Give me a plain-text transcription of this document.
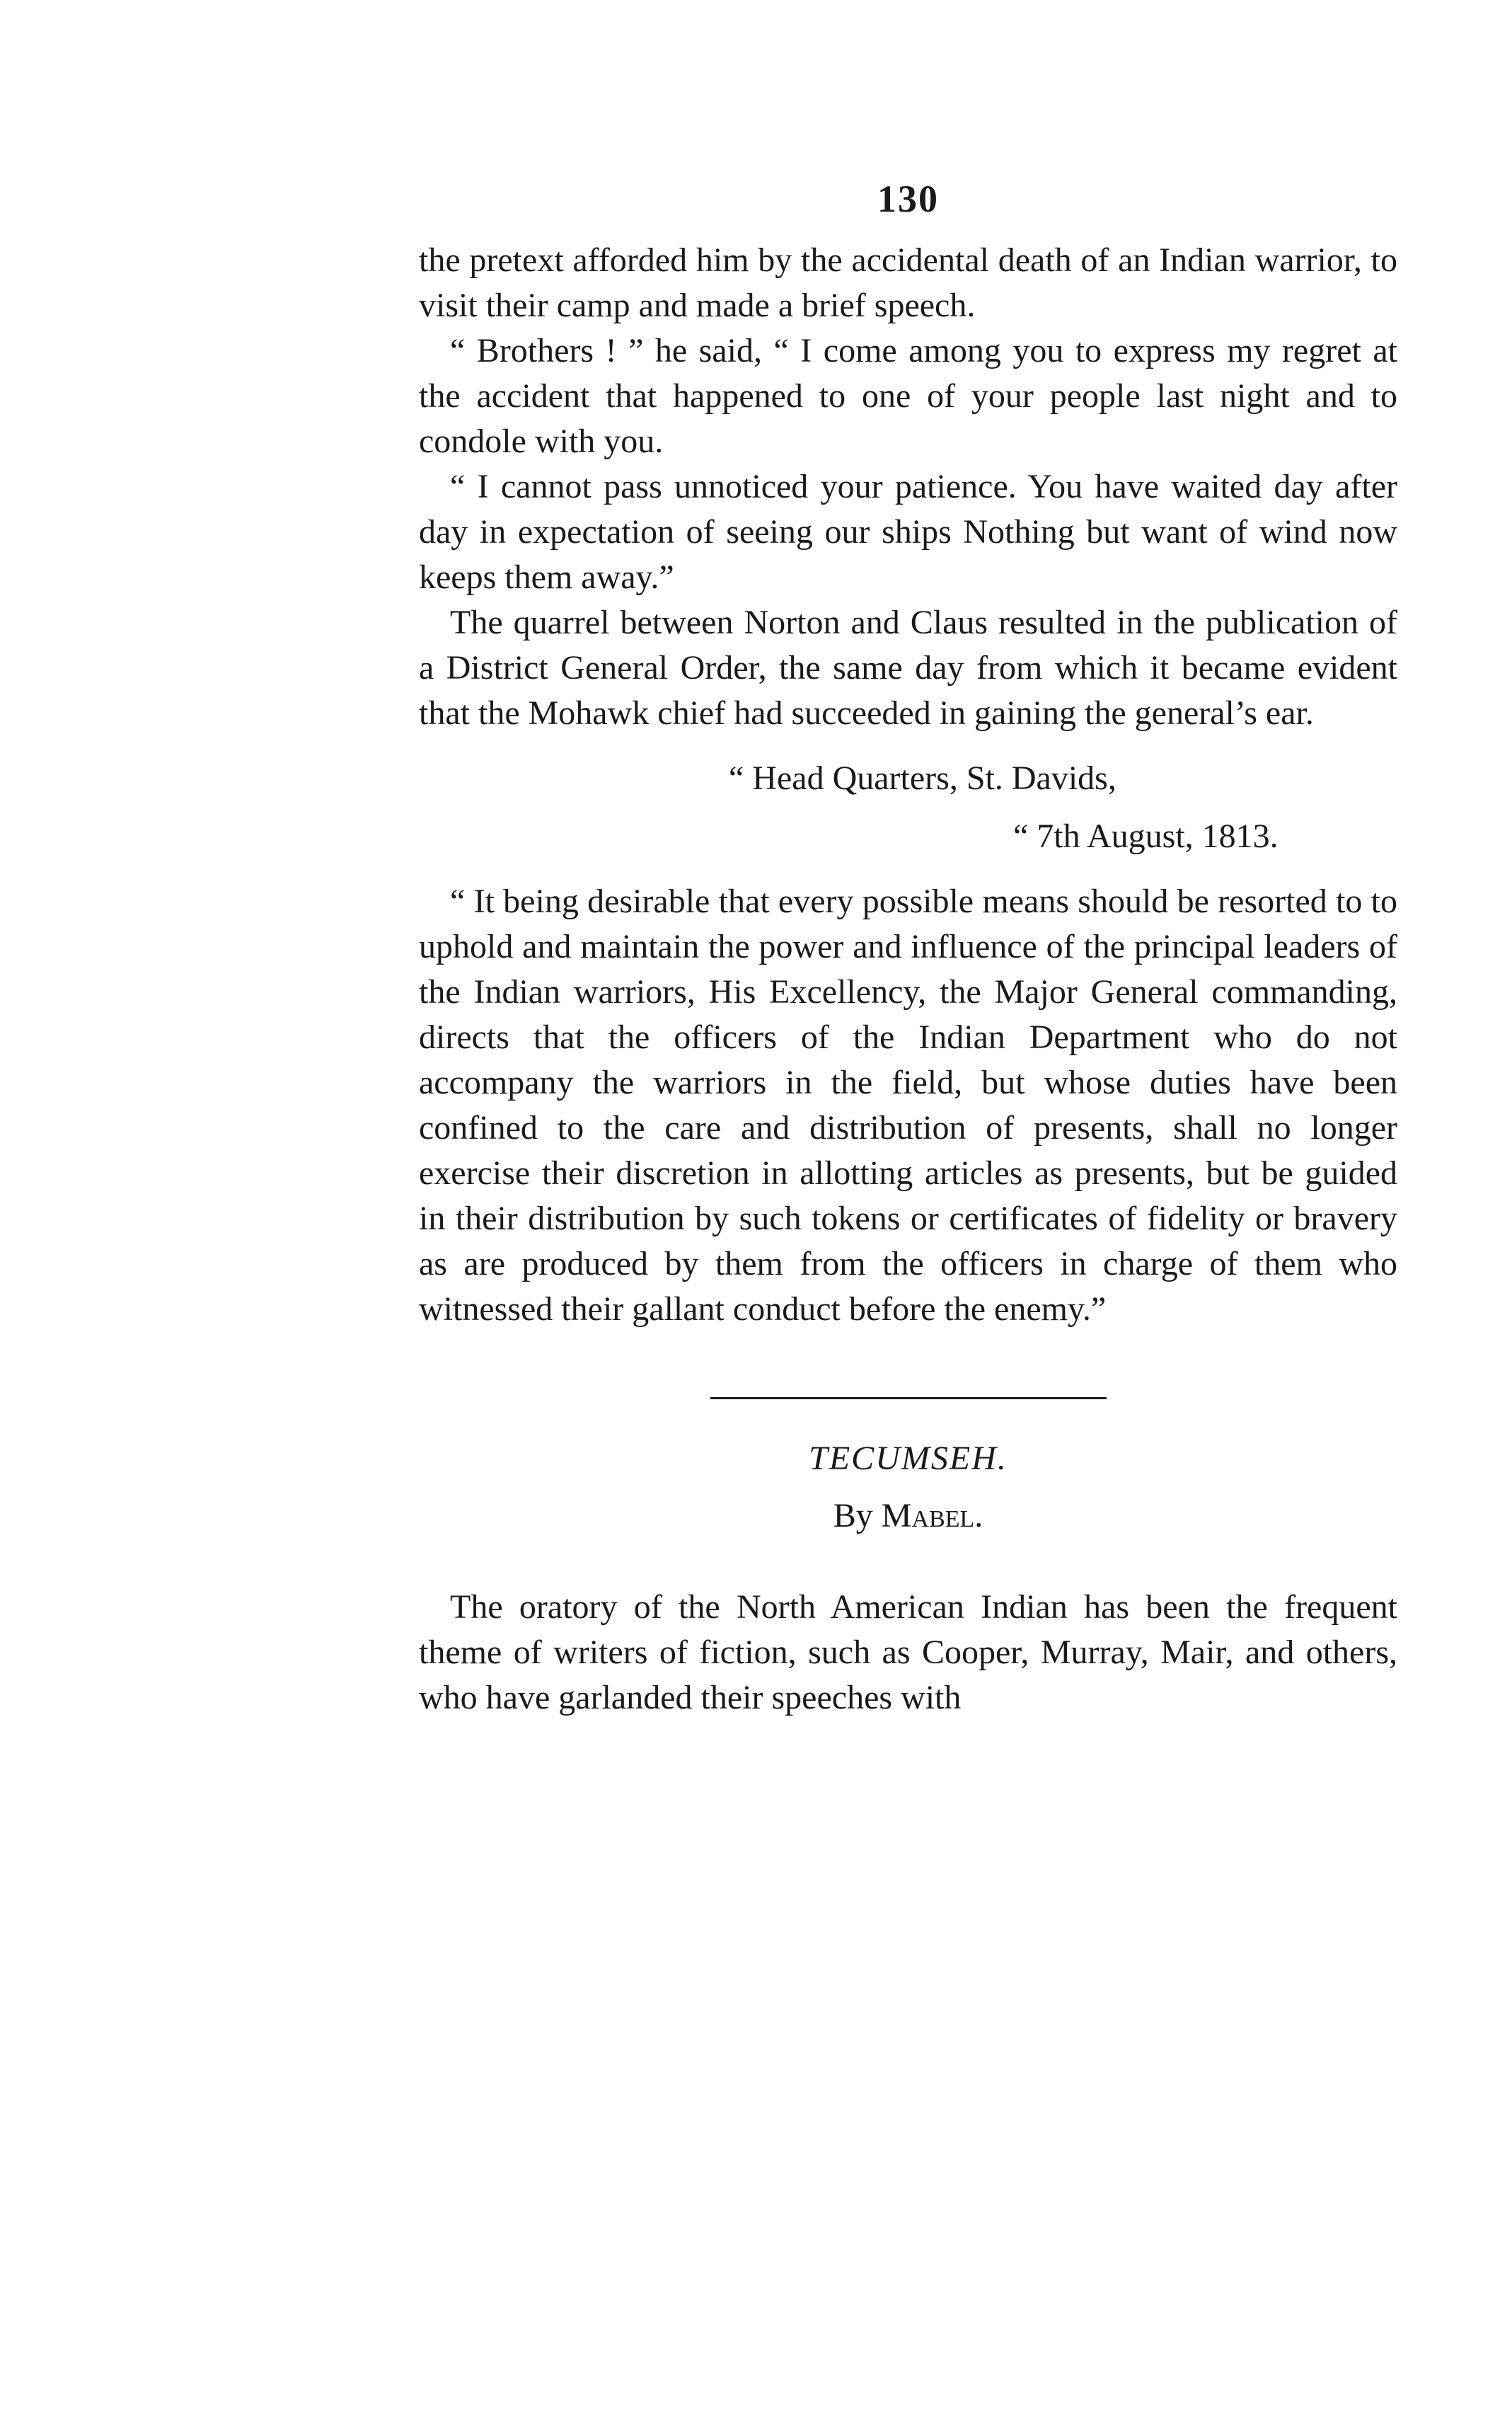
130

the pretext afforded him by the accidental death of an Indian warrior, to visit their camp and made a brief speech.

“ Brothers ! ” he said, “ I come among you to express my regret at the accident that happened to one of your people last night and to condole with you.

“ I cannot pass unnoticed your patience. You have waited day after day in expectation of seeing our ships Nothing but want of wind now keeps them away.”

The quarrel between Norton and Claus resulted in the publication of a District General Order, the same day from which it became evident that the Mohawk chief had succeeded in gaining the general’s ear.

“ Head Quarters, St. Davids,
“ 7th August, 1813.

“ It being desirable that every possible means should be resorted to to uphold and maintain the power and influence of the principal leaders of the Indian warriors, His Excellency, the Major General commanding, directs that the officers of the Indian Department who do not accompany the warriors in the field, but whose duties have been confined to the care and distribution of presents, shall no longer exercise their discretion in allotting articles as presents, but be guided in their distribution by such tokens or certificates of fidelity or bravery as are produced by them from the officers in charge of them who witnessed their gallant conduct before the enemy.”

TECUMSEH.
By Mabel.

The oratory of the North American Indian has been the frequent theme of writers of fiction, such as Cooper, Murray, Mair, and others, who have garlanded their speeches with
